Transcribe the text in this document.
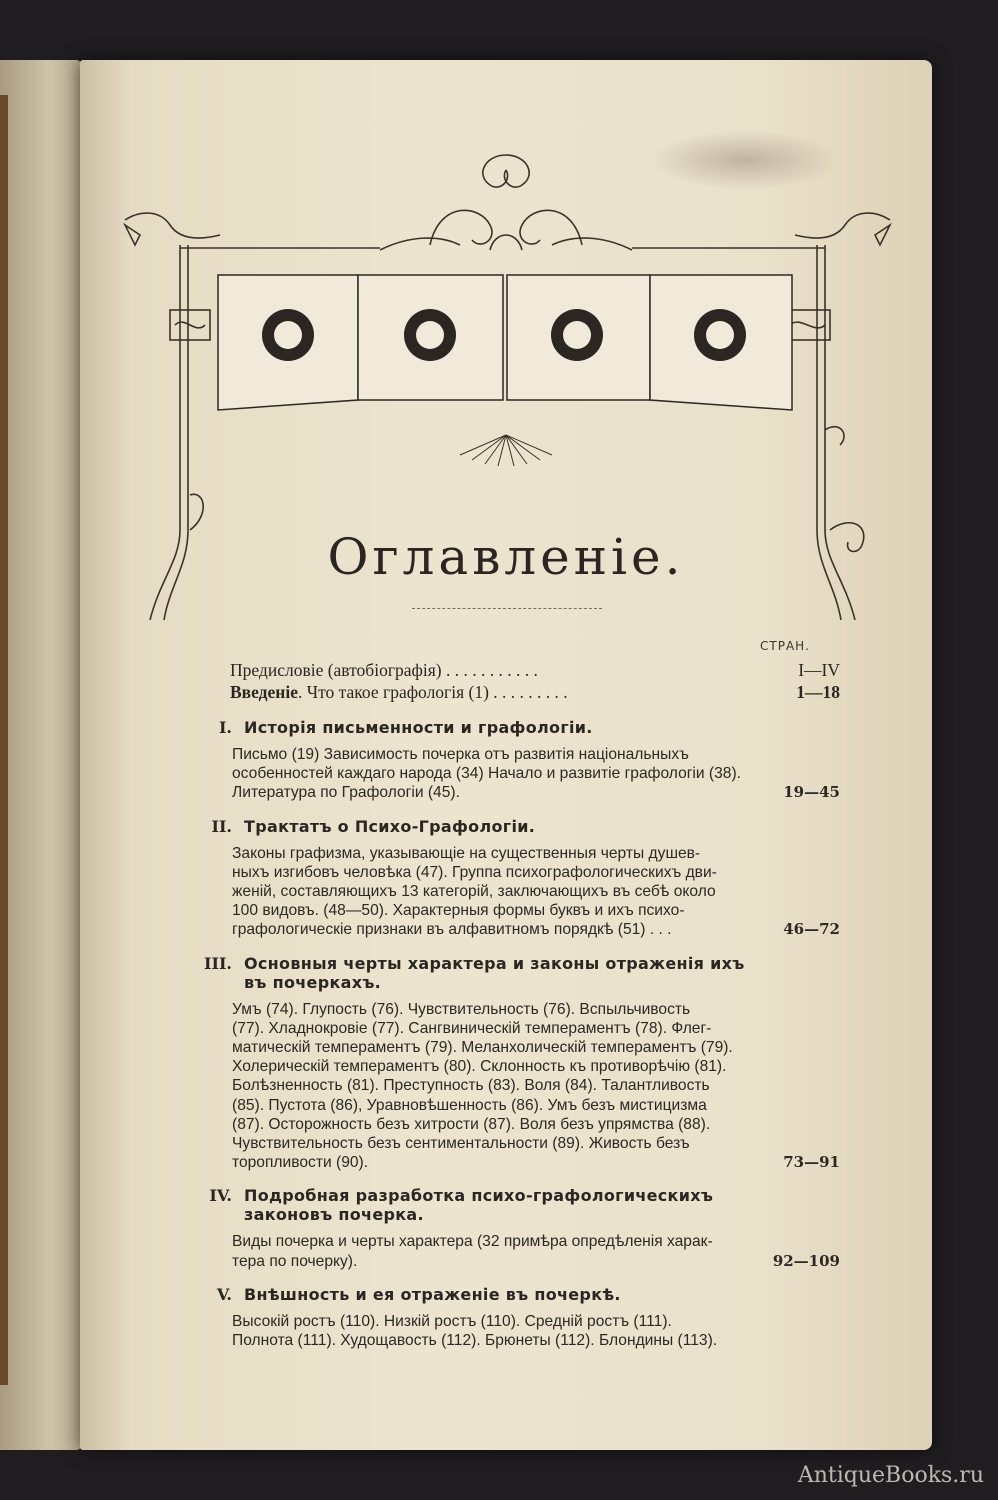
Оглавленіе.
СТРАН.
Предисловіе (автобіографія) . . . . . . . . . . .	I—IV
Введеніе. Что такое графологія (1) . . . . . . . . .	1—18
I. Исторія письменности и графологіи.
Письмо (19) Зависимость почерка отъ развитія національныхъ
особенностей каждаго народа (34) Начало и развитіе графологіи (38).
Литература по Графологіи (45).	19—45
II. Трактатъ о Психо-Графологіи.
Законы графизма, указывающіе на существенныя черты душев-
ныхъ изгибовъ человѣка (47). Группа психографологическихъ дви-
женій, составляющихъ 13 категорій, заключающихъ въ себѣ около
100 видовъ. (48—50). Характерныя формы буквъ и ихъ психо-
графологическіе признаки въ алфавитномъ порядкѣ (51) . . .	46—72
III. Основныя черты характера и законы отраженія ихъ
въ почеркахъ.
Умъ (74). Глупость (76). Чувствительность (76). Вспыльчивость
(77). Хладнокровіе (77). Сангвиническій темпераментъ (78). Флег-
матическій темпераментъ (79). Меланхолическій темпераментъ (79).
Холерическій темпераментъ (80). Склонность къ противорѣчію (81).
Болѣзненность (81). Преступность (83). Воля (84). Талантливость
(85). Пустота (86), Уравновѣшенность (86). Умъ безъ мистицизма
(87). Осторожность безъ хитрости (87). Воля безъ упрямства (88).
Чувствительность безъ сентиментальности (89). Живость безъ
торопливости (90).	73—91
IV. Подробная разработка психо-графологическихъ
законовъ почерка.
Виды почерка и черты характера (32 примѣра опредѣленія харак-
тера по почерку).	92—109
V. Внѣшность и ея отраженіе въ почеркѣ.
Высокій ростъ (110). Низкій ростъ (110). Средній ростъ (111).
Полнота (111). Худощавость (112). Брюнеты (112). Блондины (113).
AntiqueBooks.ru
